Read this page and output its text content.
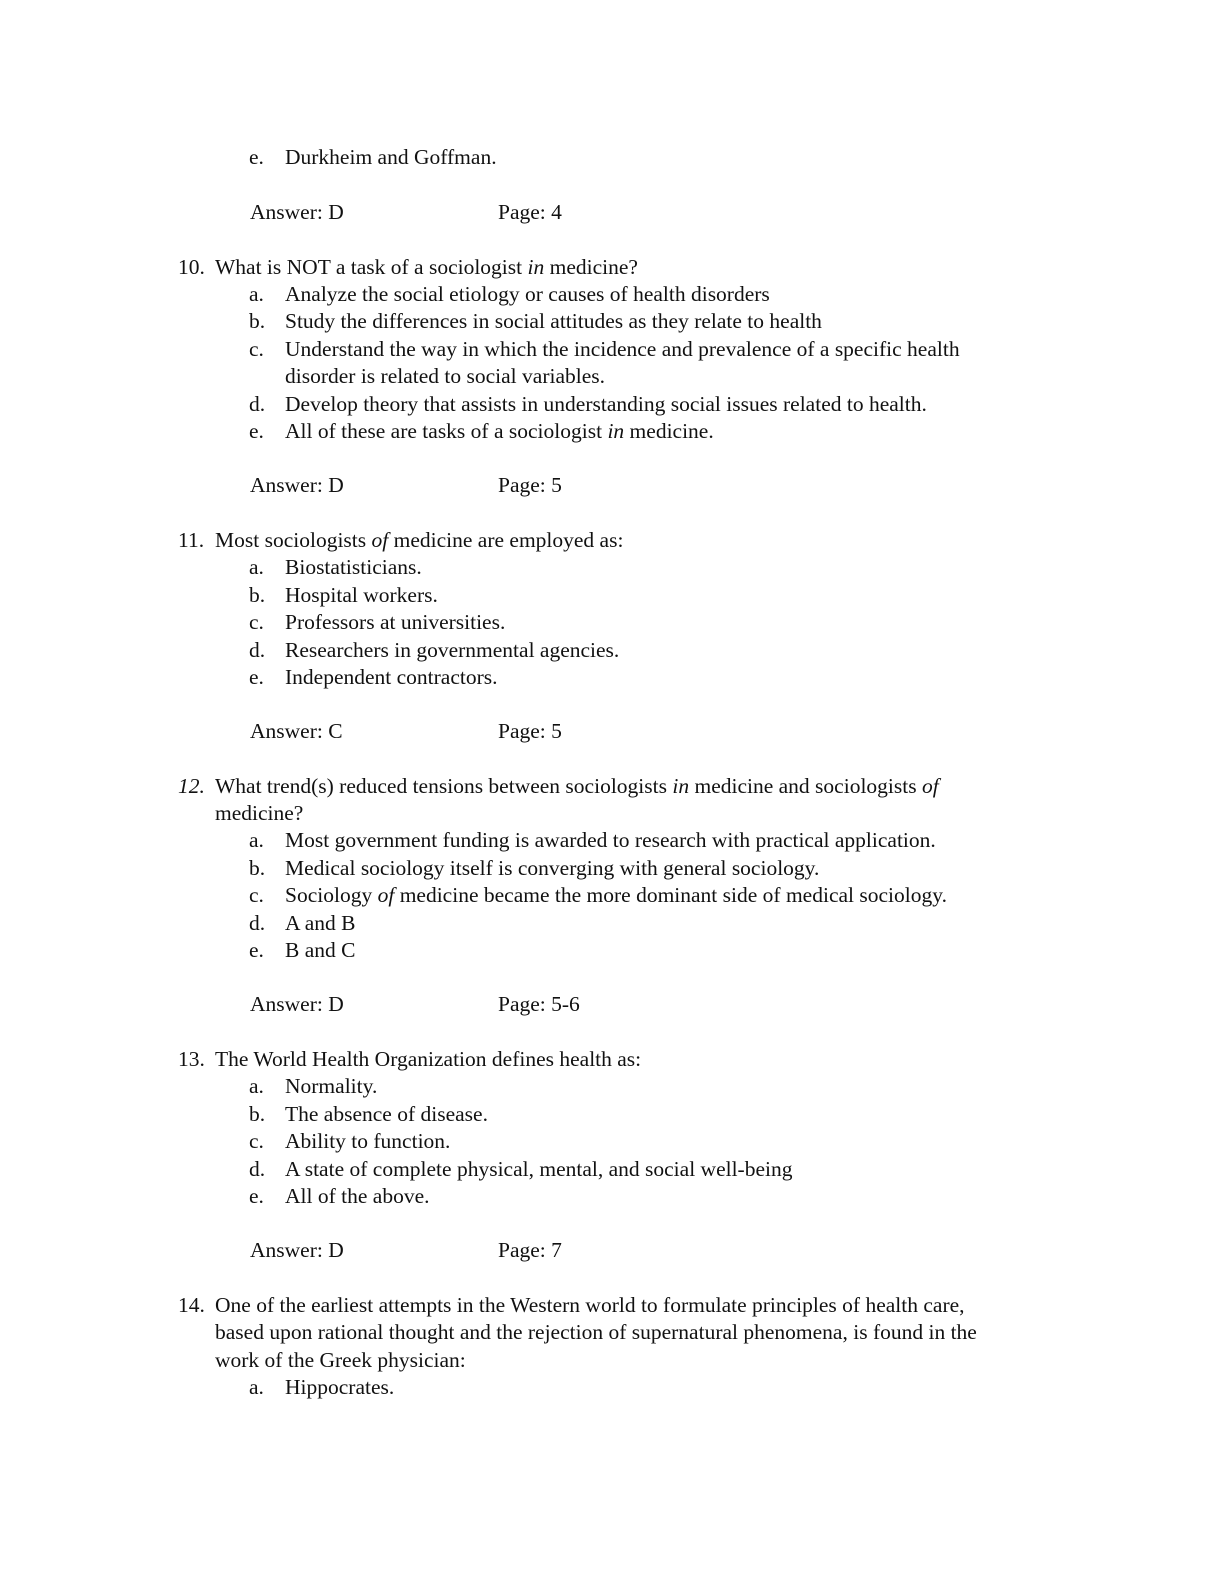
e. Durkheim and Goffman.
Answer: D	Page: 4
10. What is NOT a task of a sociologist in medicine?
a. Analyze the social etiology or causes of health disorders
b. Study the differences in social attitudes as they relate to health
c. Understand the way in which the incidence and prevalence of a specific health
disorder is related to social variables.
d. Develop theory that assists in understanding social issues related to health.
e. All of these are tasks of a sociologist in medicine.
Answer: D	Page: 5
11. Most sociologists of medicine are employed as:
a. Biostatisticians.
b. Hospital workers.
c. Professors at universities.
d. Researchers in governmental agencies.
e. Independent contractors.
Answer: C	Page: 5
12. What trend(s) reduced tensions between sociologists in medicine and sociologists of
medicine?
a. Most government funding is awarded to research with practical application.
b. Medical sociology itself is converging with general sociology.
c. Sociology of medicine became the more dominant side of medical sociology.
d. A and B
e. B and C
Answer: D	Page: 5-6
13. The World Health Organization defines health as:
a. Normality.
b. The absence of disease.
c. Ability to function.
d. A state of complete physical, mental, and social well-being
e. All of the above.
Answer: D	Page: 7
14. One of the earliest attempts in the Western world to formulate principles of health care,
based upon rational thought and the rejection of supernatural phenomena, is found in the
work of the Greek physician:
a. Hippocrates.
